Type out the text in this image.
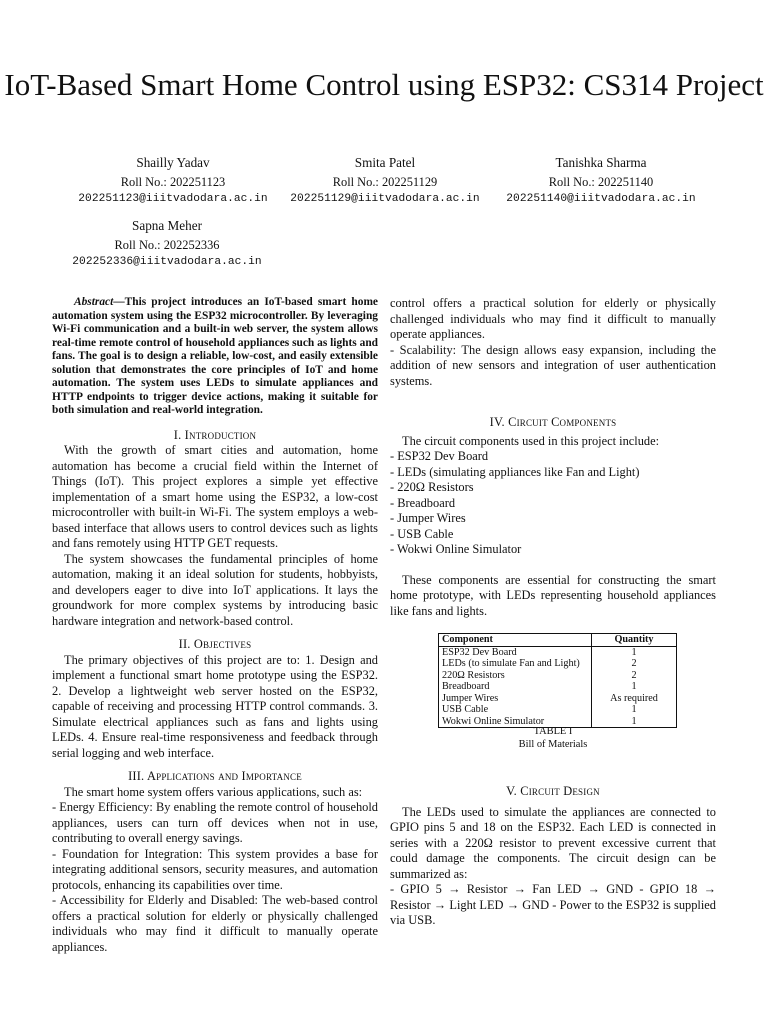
IoT-Based Smart Home Control using ESP32: CS314 Project
Shailly Yadav
Roll No.: 202251123
202251123@iiitvadodara.ac.in
Smita Patel
Roll No.: 202251129
202251129@iiitvadodara.ac.in
Tanishka Sharma
Roll No.: 202251140
202251140@iiitvadodara.ac.in
Sapna Meher
Roll No.: 202252336
202252336@iiitvadodara.ac.in

Abstract—This project introduces an IoT-based smart home automation system using the ESP32 microcontroller. By leveraging Wi-Fi communication and a built-in web server, the system allows real-time remote control of household appliances such as lights and fans. The goal is to design a reliable, low-cost, and easily extensible solution that demonstrates the core principles of IoT and home automation. The system uses LEDs to simulate appliances and HTTP endpoints to trigger device actions, making it suitable for both simulation and real-world integration.

I. Introduction

With the growth of smart cities and automation, home automation has become a crucial field within the Internet of Things (IoT). This project explores a simple yet effective implementation of a smart home using the ESP32, a low-cost microcontroller with built-in Wi-Fi. The system employs a web-based interface that allows users to control devices such as lights and fans remotely using HTTP GET requests.

The system showcases the fundamental principles of home automation, making it an ideal solution for students, hobbyists, and developers eager to dive into IoT applications. It lays the groundwork for more complex systems by introducing basic hardware integration and network-based control.

II. Objectives

The primary objectives of this project are to: 1. Design and implement a functional smart home prototype using the ESP32. 2. Develop a lightweight web server hosted on the ESP32, capable of receiving and processing HTTP control commands. 3. Simulate electrical appliances such as fans and lights using LEDs. 4. Ensure real-time responsiveness and feedback through serial logging and web interface.

III. Applications and Importance

The smart home system offers various applications, such as:

- Energy Efficiency: By enabling the remote control of household appliances, users can turn off devices when not in use, contributing to overall energy savings.

- Foundation for Integration: This system provides a base for integrating additional sensors, security measures, and automation protocols, enhancing its capabilities over time.

- Accessibility for Elderly and Disabled: The web-based control offers a practical solution for elderly or physically challenged individuals who may find it difficult to manually operate appliances.

control offers a practical solution for elderly or physically challenged individuals who may find it difficult to manually operate appliances.

- Scalability: The design allows easy expansion, including the addition of new sensors and integration of user authentication systems.

IV. Circuit Components

The circuit components used in this project include:

- ESP32 Dev Board

- LEDs (simulating appliances like Fan and Light)

- 220Ω Resistors

- Breadboard

- Jumper Wires

- USB Cable

- Wokwi Online Simulator

These components are essential for constructing the smart home prototype, with LEDs representing household appliances like fans and lights.

Component	Quantity
ESP32 Dev Board	1
LEDs (to simulate Fan and Light)	2
220Ω Resistors	2
Breadboard	1
Jumper Wires	As required
USB Cable	1
Wokwi Online Simulator	1
TABLE I
Bill of Materials
V. Circuit Design

The LEDs used to simulate the appliances are connected to GPIO pins 5 and 18 on the ESP32. Each LED is connected in series with a 220Ω resistor to prevent excessive current that could damage the components. The circuit design can be summarized as:

- GPIO 5 → Resistor → Fan LED → GND - GPIO 18 → Resistor → Light LED → GND - Power to the ESP32 is supplied via USB.
